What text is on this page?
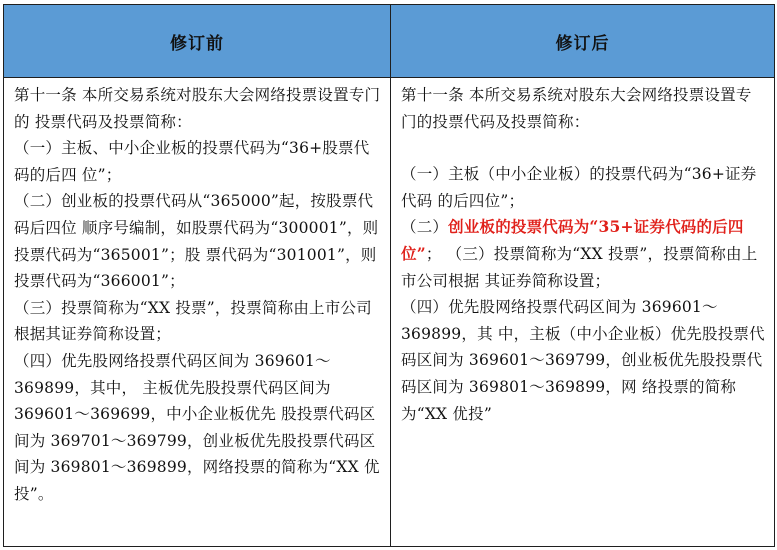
修订前

第十一条 本所交易系统对股东大会网络投票设置专门的 投票代码及投票简称：

（一）主板、中小企业板的投票代码为“36+股票代码的后四 位”；

（二）创业板的投票代码从“365000”起，按股票代码后四位 顺序号编制，如股票代码为“300001”，则投票代码为“365001”；股 票代码为“301001”，则投票代码为“366001”；

（三）投票简称为“XX 投票”，投票简称由上市公司根据其证券简称设置；

（四）优先股网络投票代码区间为 369601～369899，其中， 主板优先股投票代码区间为 369601～369699，中小企业板优先 股投票代码区间为 369701～369799，创业板优先股投票代码区间为 369801～369899，网络投票的简称为“XX 优投”。

修订后

第十一条 本所交易系统对股东大会网络投票设置专 门的投票代码及投票简称：

（一）主板（中小企业板）的投票代码为“36+证券代码 的后四位”；

（二）创业板的投票代码为“35+证券代码的后四位”； （三）投票简称为“XX 投票”，投票简称由上市公司根据 其证券简称设置；

（四）优先股网络投票代码区间为 369601～369899，其 中，主板（中小企业板）优先股投票代码区间为 369601～369799，创业板优先股投票代码区间为 369801～369899，网 络投票的简称为“XX 优投”
